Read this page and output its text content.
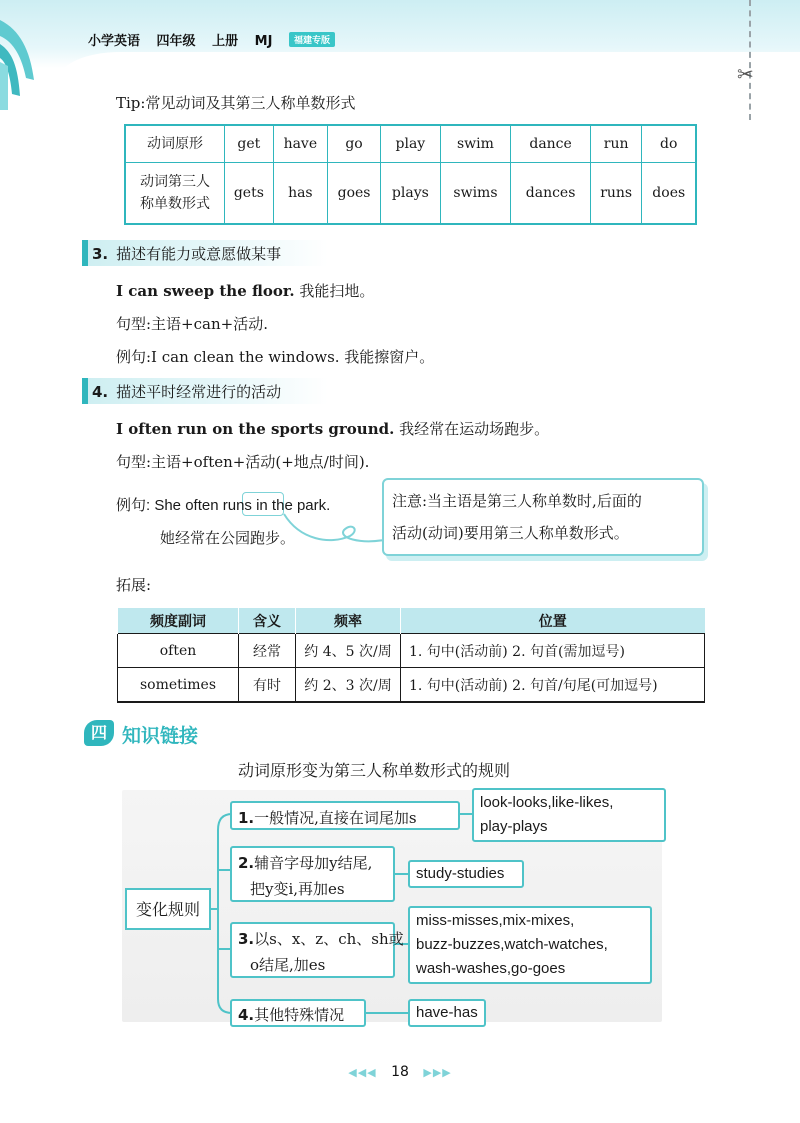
小学英语 四年级 上册 MJ 福建专版
✂
Tip:常见动词及其第三人称单数形式
动词原形	get	have	go	play	swim	dance	run	do

动词第三人
称单数形式	gets	has	goes	plays	swims	dances	runs	does
3. 描述有能力或意愿做某事
I can sweep the floor. 我能扫地。
句型:主语+can+活动.
例句:I can clean the windows. 我能擦窗户。
4. 描述平时经常进行的活动
I often run on the sports ground. 我经常在运动场跑步。
句型:主语+often+活动(+地点/时间).
例句: She often runs in the park.
她经常在公园跑步。
注意:当主语是第三人称单数时,后面的
活动(动词)要用第三人称单数形式。
拓展:
频度副词	含义	频率	位置
often	经常	约 4、5 次/周	1. 句中(活动前) 2. 句首(需加逗号)
sometimes	有时	约 2、3 次/周	1. 句中(活动前) 2. 句首/句尾(可加逗号)
四 知识链接
动词原形变为第三人称单数形式的规则
变化规则
1.一般情况,直接在词尾加s
look-looks,like-likes,
play-plays
2.辅音字母加y结尾,
把y变i,再加es
study-studies
3.以s、x、z、ch、sh或
o结尾,加es
miss-misses,mix-mixes,
buzz-buzzes,watch-watches,
wash-washes,go-goes
4.其他特殊情况	have-has
◀◀◀ 18 ▶▶▶
